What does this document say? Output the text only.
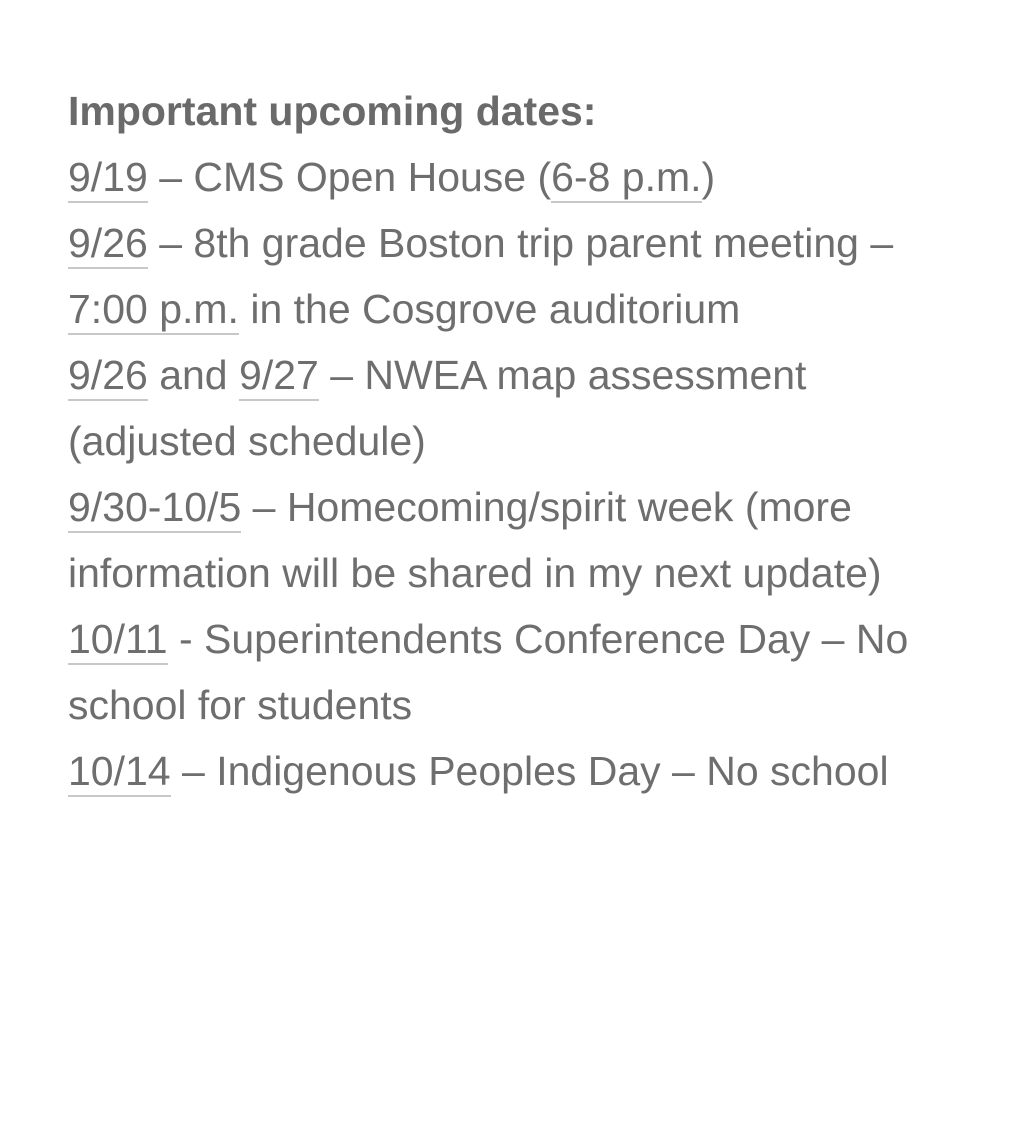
Important upcoming dates:
9/19 – CMS Open House (6-8 p.m.)
9/26 – 8th grade Boston trip parent meeting – 7:00 p.m. in the Cosgrove auditorium
9/26 and 9/27 – NWEA map assessment (adjusted schedule)
9/30-10/5 – Homecoming/spirit week (more information will be shared in my next update)
10/11 - Superintendents Conference Day – No school for students
10/14 – Indigenous Peoples Day – No school
